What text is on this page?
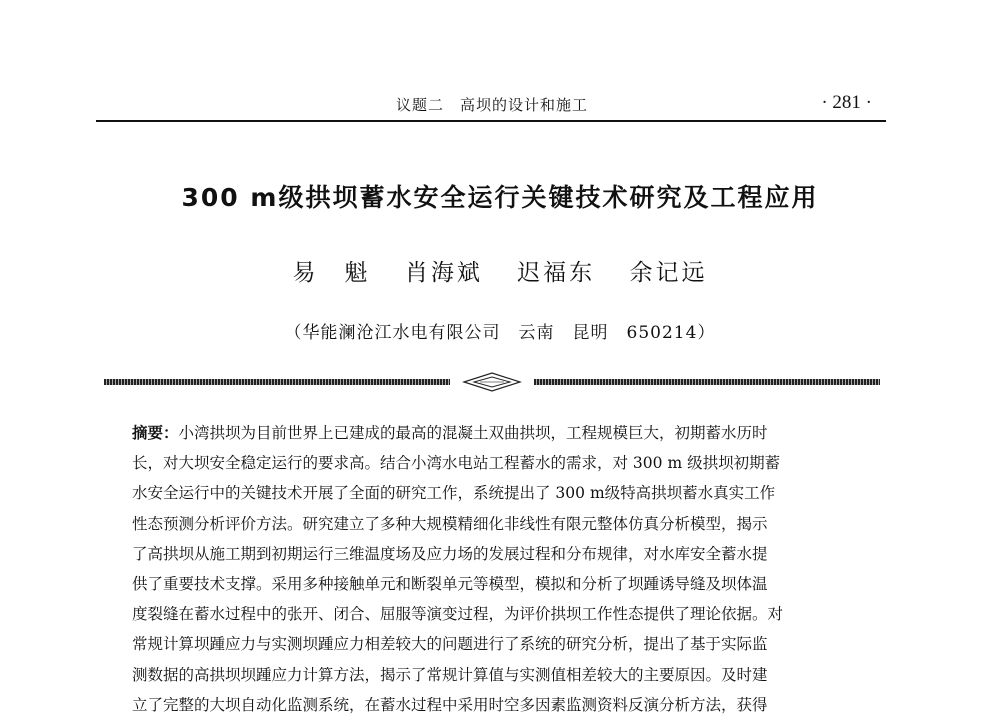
议题二　高坝的设计和施工	· 281 ·
300 m级拱坝蓄水安全运行关键技术研究及工程应用
易　魁 肖海斌 迟福东 余记远
（华能澜沧江水电有限公司　云南　昆明　650214）
摘要：小湾拱坝为目前世界上已建成的最高的混凝土双曲拱坝，工程规模巨大，初期蓄水历时
长，对大坝安全稳定运行的要求高。结合小湾水电站工程蓄水的需求，对 300 m 级拱坝初期蓄
水安全运行中的关键技术开展了全面的研究工作，系统提出了 300 m级特高拱坝蓄水真实工作
性态预测分析评价方法。研究建立了多种大规模精细化非线性有限元整体仿真分析模型，揭示
了高拱坝从施工期到初期运行三维温度场及应力场的发展过程和分布规律，对水库安全蓄水提
供了重要技术支撑。采用多种接触单元和断裂单元等模型，模拟和分析了坝踵诱导缝及坝体温
度裂缝在蓄水过程中的张开、闭合、屈服等演变过程，为评价拱坝工作性态提供了理论依据。对
常规计算坝踵应力与实测坝踵应力相差较大的问题进行了系统的研究分析，提出了基于实际监
测数据的高拱坝坝踵应力计算方法，揭示了常规计算值与实测值相差较大的主要原因。及时建
立了完整的大坝自动化监测系统，在蓄水过程中采用时空多因素监测资料反演分析方法，获得
